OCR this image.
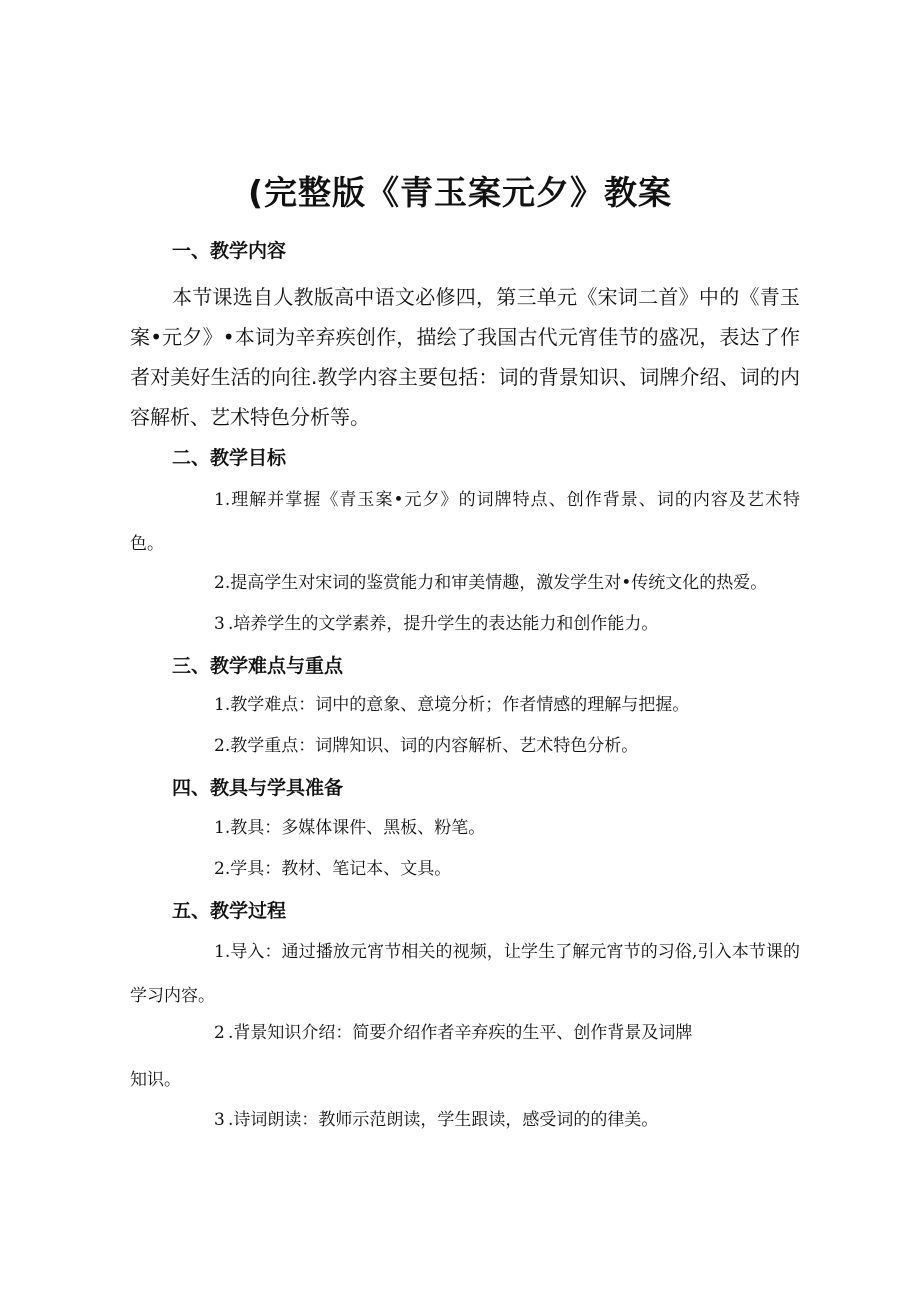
(完整版《青玉案元夕》教案
一、教学内容

本节课选自人教版高中语文必修四，第三单元《宋词二首》中的《青玉案•元夕》•本词为辛弃疾创作，描绘了我国古代元宵佳节的盛况，表达了作者对美好生活的向往.教学内容主要包括：词的背景知识、词牌介绍、词的内容解析、艺术特色分析等。

二、教学目标

1.理解并掌握《青玉案•元夕》的词牌特点、创作背景、词的内容及艺术特色。

2.提高学生对宋词的鉴赏能力和审美情趣，激发学生对•传统文化的热爱。

3 .培养学生的文学素养，提升学生的表达能力和创作能力。

三、教学难点与重点

1.教学难点：词中的意象、意境分析；作者情感的理解与把握。

2.教学重点：词牌知识、词的内容解析、艺术特色分析。

四、教具与学具准备

1.教具：多媒体课件、黑板、粉笔。

2.学具：教材、笔记本、文具。

五、教学过程

1.导入：通过播放元宵节相关的视频，让学生了解元宵节的习俗,引入本节课的学习内容。

2 .背景知识介绍：简要介绍作者辛弃疾的生平、创作背景及词牌

知识。

3 .诗词朗读：教师示范朗读，学生跟读，感受词的的律美。
